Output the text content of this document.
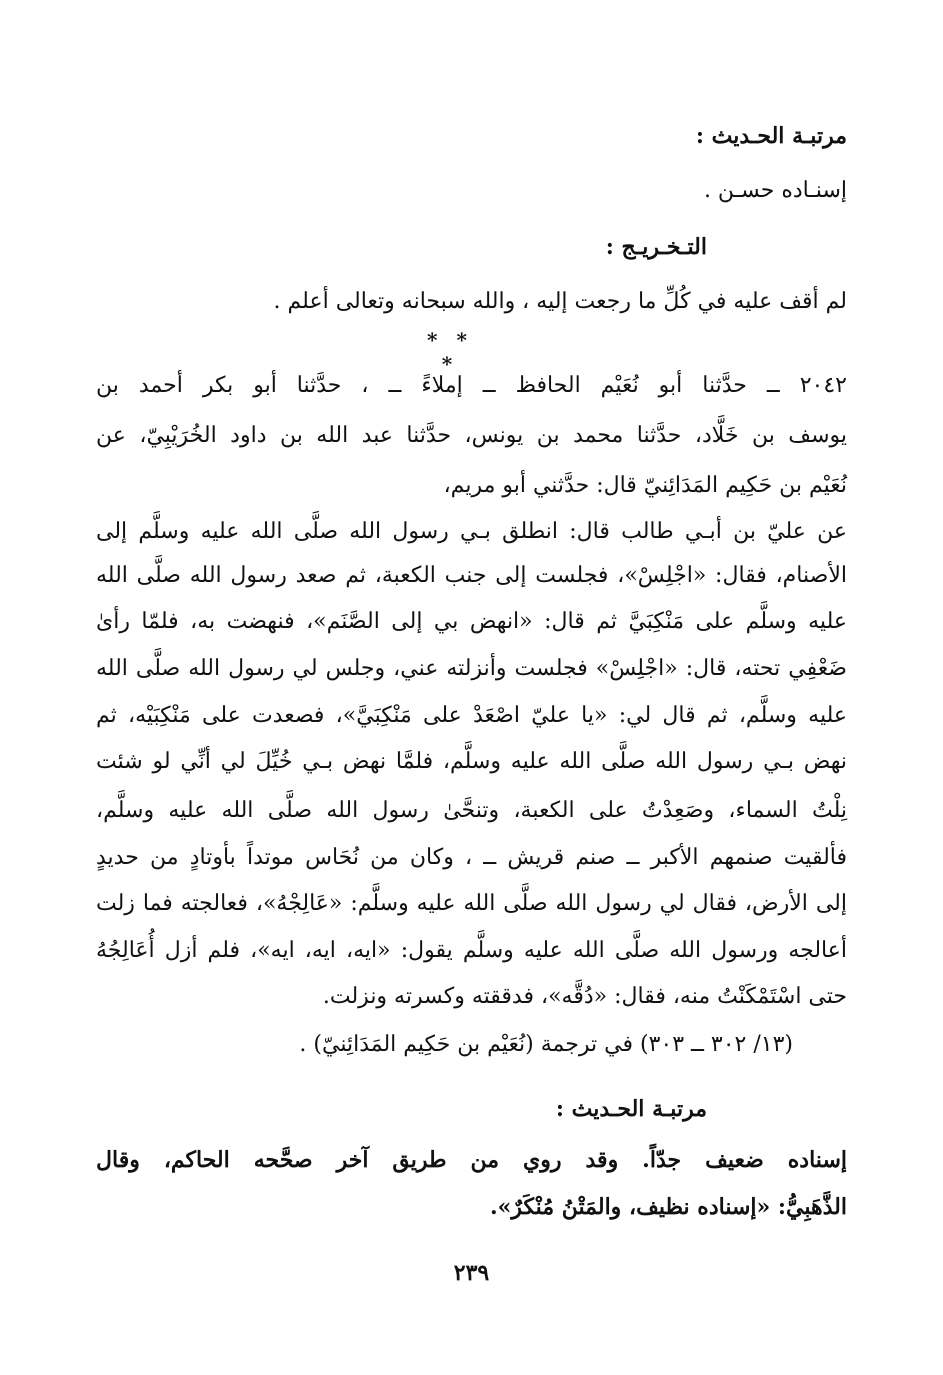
مرتبـة الحـديث :
إسنـاده حسـن .
التـخـريـج :
لم أقف عليه في كُلِّ ما رجعت إليه ، والله سبحانه وتعالى أعلم .
* * *
٢٠٤٢ ــ حدَّثنا أبو نُعَيْم الحافظ ــ إملاءً ــ ، حدَّثنا أبو بكر أحمد بن
يوسف بن خَلَّاد، حدَّثنا محمد بن يونس، حدَّثنا عبد الله بن داود الخُرَيْبِيّ، عن
نُعَيْم بن حَكِيم المَدَائِنيّ قال: حدَّثني أبو مريم،
عن عليّ بن أبـي طالب قال: انطلق بـي رسول الله صلَّى الله عليه وسلَّم إلى
الأصنام، فقال: «اجْلِسْ»، فجلست إلى جنب الكعبة، ثم صعد رسول الله صلَّى الله
عليه وسلَّم على مَنْكِبَيَّ ثم قال: «انهض بي إلى الصَّنَم»، فنهضت به، فلمّا رأىٰ
ضَعْفِي تحته، قال: «اجْلِسْ» فجلست وأنزلته عني، وجلس لي رسول الله صلَّى الله
عليه وسلَّم، ثم قال لي: «يا عليّ اصْعَدْ على مَنْكِبَيَّ»، فصعدت على مَنْكِبَيْه، ثم
نهض بـي رسول الله صلَّى الله عليه وسلَّم، فلمَّا نهض بـي خُيِّلَ لي أنِّي لو شئت
نِلْتُ السماء، وصَعِدْتُ على الكعبة، وتنحَّىٰ رسول الله صلَّى الله عليه وسلَّم،
فألقيت صنمهم الأكبر ــ صنم قريش ــ ، وكان من نُحَاس موتداً بأوتادٍ من حديدٍ
إلى الأرض، فقال لي رسول الله صلَّى الله عليه وسلَّم: «عَالِجْهُ»، فعالجته فما زلت
أعالجه ورسول الله صلَّى الله عليه وسلَّم يقول: «ايه، ايه، ايه»، فلم أزل أُعَالِجُهُ
حتى اسْتَمْكَنْتُ منه، فقال: «دُقَّه»، فدققته وكسرته ونزلت.
(١٣/ ٣٠٢ ــ ٣٠٣) في ترجمة (نُعَيْم بن حَكِيم المَدَائِنيّ) .
مرتبـة الحـديث :
إسناده ضعيف جدّاً. وقد روي من طريق آخر صحَّحه الحاكم، وقال
الذَّهَبِيُّ: «إسناده نظيف، والمَتْنُ مُنْكَرٌ».
٢٣٩
